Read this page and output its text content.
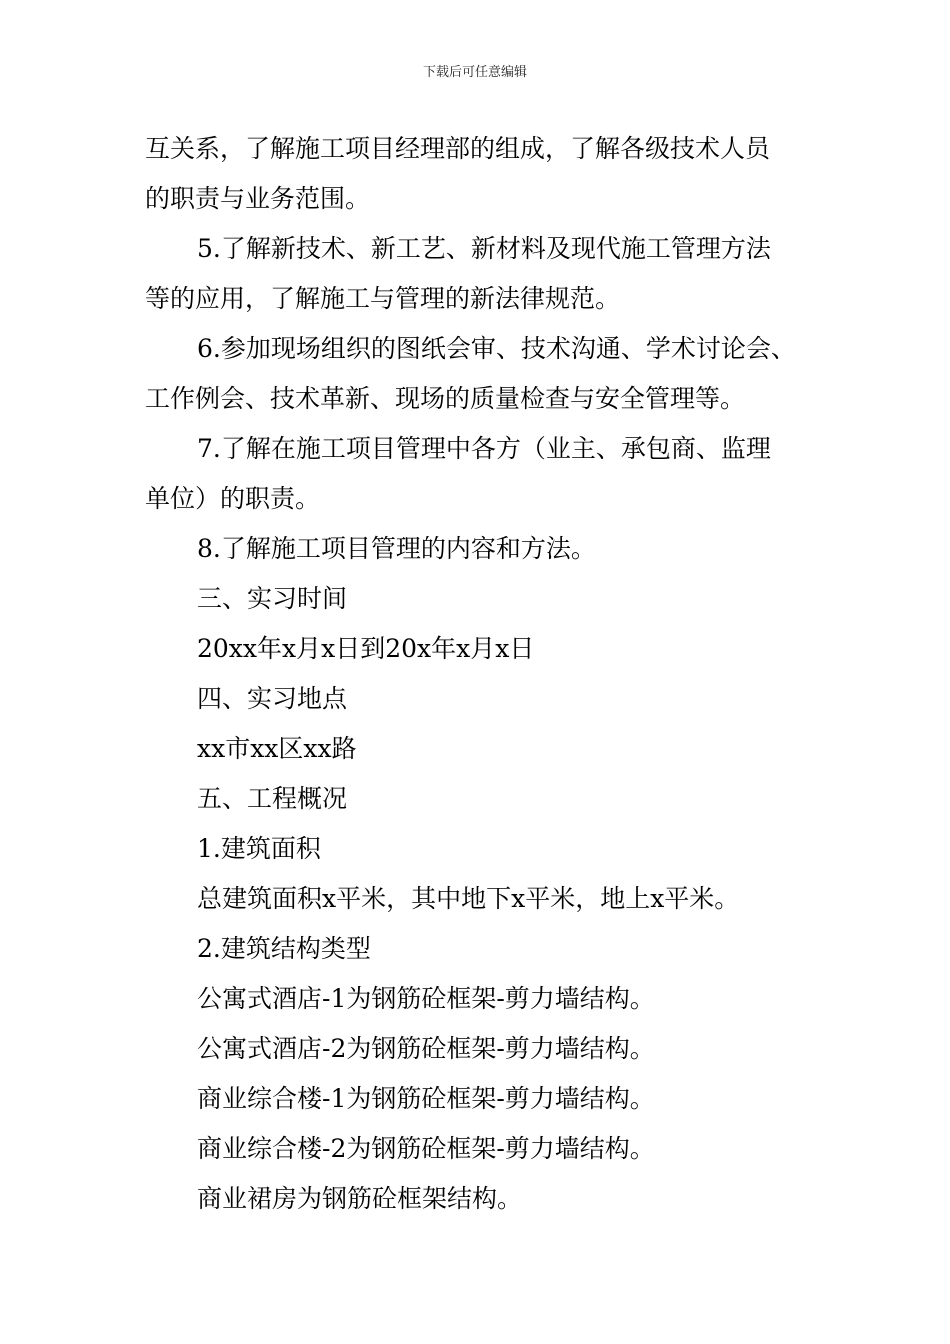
下载后可任意编辑
互关系，了解施工项目经理部的组成，了解各级技术人员
的职责与业务范围。
5.了解新技术、新工艺、新材料及现代施工管理方法
等的应用，了解施工与管理的新法律规范。
6.参加现场组织的图纸会审、技术沟通、学术讨论会、
工作例会、技术革新、现场的质量检查与安全管理等。
7.了解在施工项目管理中各方（业主、承包商、监理
单位）的职责。
8.了解施工项目管理的内容和方法。
三、实习时间
20xx年x月x日到20x年x月x日
四、实习地点
xx市xx区xx路
五、工程概况
1.建筑面积
总建筑面积x平米，其中地下x平米，地上x平米。
2.建筑结构类型
公寓式酒店-1为钢筋砼框架-剪力墙结构。
公寓式酒店-2为钢筋砼框架-剪力墙结构。
商业综合楼-1为钢筋砼框架-剪力墙结构。
商业综合楼-2为钢筋砼框架-剪力墙结构。
商业裙房为钢筋砼框架结构。
